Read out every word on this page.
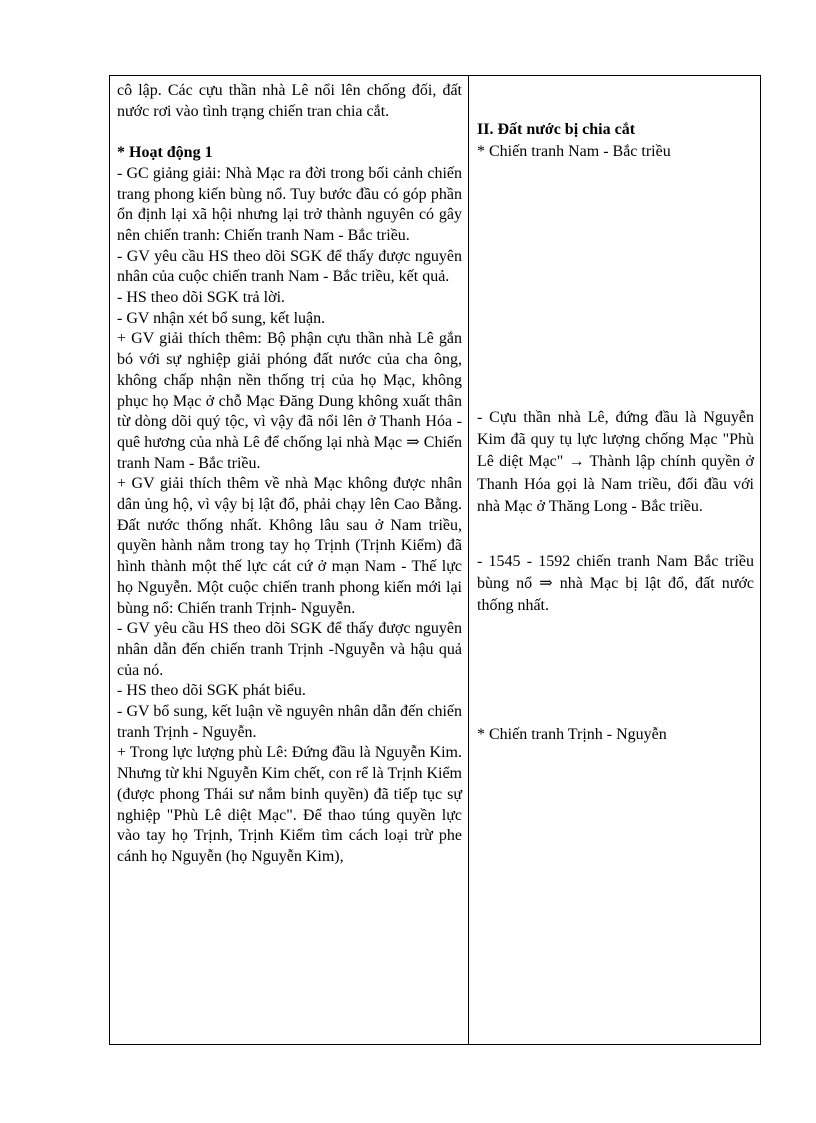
cô lập. Các cựu thần nhà Lê nổi lên chống đối, đất nước rơi vào tình trạng chiến tran chia cắt.

* Hoạt động 1

- GC giảng giải: Nhà Mạc ra đời trong bối cảnh chiến trang phong kiến bùng nổ. Tuy bước đầu có góp phần ổn định lại xã hội nhưng lại trở thành nguyên có gây nên chiến tranh: Chiến tranh Nam - Bắc triều.

- GV yêu cầu HS theo dõi SGK để thấy được nguyên nhân của cuộc chiến tranh Nam - Bắc triều, kết quả.

- HS theo dõi SGK trả lời.

- GV nhận xét bổ sung, kết luận.

+ GV giải thích thêm: Bộ phận cựu thần nhà Lê gắn bó với sự nghiệp giải phóng đất nước của cha ông, không chấp nhận nền thống trị của họ Mạc, không phục họ Mạc ở chỗ Mạc Đăng Dung không xuất thân từ dòng dõi quý tộc, vì vậy đã nổi lên ở Thanh Hóa - quê hương của nhà Lê để chống lại nhà Mạc ⇒ Chiến tranh Nam - Bắc triều.

+ GV giải thích thêm về nhà Mạc không được nhân dân ủng hộ, vì vậy bị lật đổ, phải chạy lên Cao Bằng. Đất nước thống nhất. Không lâu sau ở Nam triều, quyền hành nằm trong tay họ Trịnh (Trịnh Kiểm) đã hình thành một thế lực cát cứ ở mạn Nam - Thế lực họ Nguyễn. Một cuộc chiến tranh phong kiến mới lại bùng nổ: Chiến tranh Trịnh- Nguyễn.

- GV yêu cầu HS theo dõi SGK để thấy được nguyên nhân dẫn đến chiến tranh Trịnh -Nguyễn và hậu quả của nó.

- HS theo dõi SGK phát biểu.

- GV bổ sung, kết luận về nguyên nhân dẫn đến chiến tranh Trịnh - Nguyễn.

+ Trong lực lượng phù Lê: Đứng đầu là Nguyễn Kim. Nhưng từ khi Nguyễn Kim chết, con rể là Trịnh Kiểm (được phong Thái sư nắm binh quyền) đã tiếp tục sự nghiệp "Phù Lê diệt Mạc". Để thao túng quyền lực vào tay họ Trịnh, Trịnh Kiểm tìm cách loại trừ phe cánh họ Nguyễn (họ Nguyễn Kim),

II. Đất nước bị chia cắt

* Chiến tranh Nam - Bắc triều

- Cựu thần nhà Lê, đứng đầu là Nguyễn Kim đã quy tụ lực lượng chống Mạc "Phù Lê diệt Mạc" → Thành lập chính quyền ở Thanh Hóa gọi là Nam triều, đối đầu với nhà Mạc ở Thăng Long - Bắc triều.

- 1545 - 1592 chiến tranh Nam Bắc triều bùng nổ ⇒ nhà Mạc bị lật đổ, đất nước thống nhất.

* Chiến tranh Trịnh - Nguyễn
